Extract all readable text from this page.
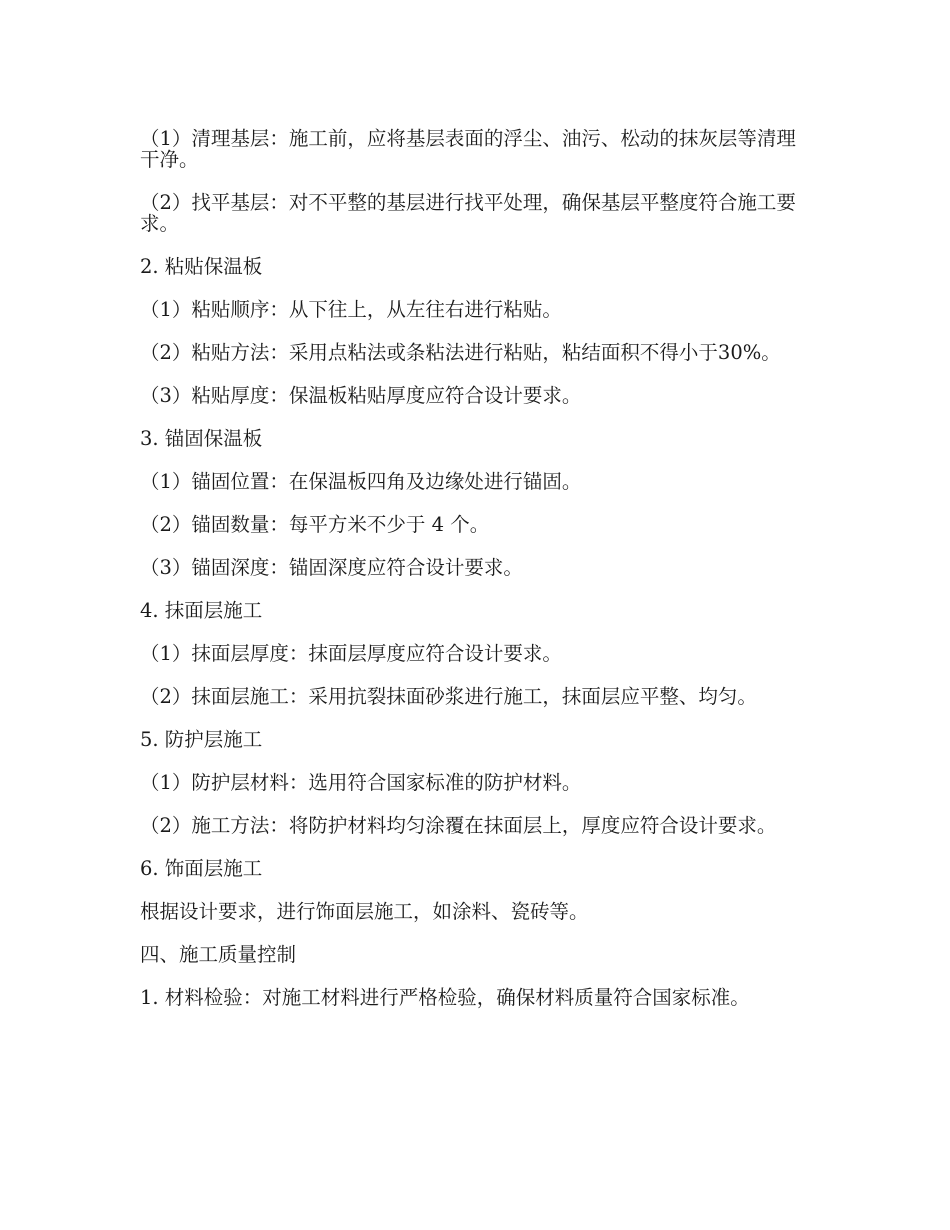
（1）清理基层：施工前，应将基层表面的浮尘、油污、松动的抹灰层等清理干净。

（2）找平基层：对不平整的基层进行找平处理，确保基层平整度符合施工要求。

2. 粘贴保温板

（1）粘贴顺序：从下往上，从左往右进行粘贴。

（2）粘贴方法：采用点粘法或条粘法进行粘贴，粘结面积不得小于30%。

（3）粘贴厚度：保温板粘贴厚度应符合设计要求。

3. 锚固保温板

（1）锚固位置：在保温板四角及边缘处进行锚固。

（2）锚固数量：每平方米不少于 4 个。

（3）锚固深度：锚固深度应符合设计要求。

4. 抹面层施工

（1）抹面层厚度：抹面层厚度应符合设计要求。

（2）抹面层施工：采用抗裂抹面砂浆进行施工，抹面层应平整、均匀。

5. 防护层施工

（1）防护层材料：选用符合国家标准的防护材料。

（2）施工方法：将防护材料均匀涂覆在抹面层上，厚度应符合设计要求。

6. 饰面层施工

根据设计要求，进行饰面层施工，如涂料、瓷砖等。

四、施工质量控制

1. 材料检验：对施工材料进行严格检验，确保材料质量符合国家标准。
